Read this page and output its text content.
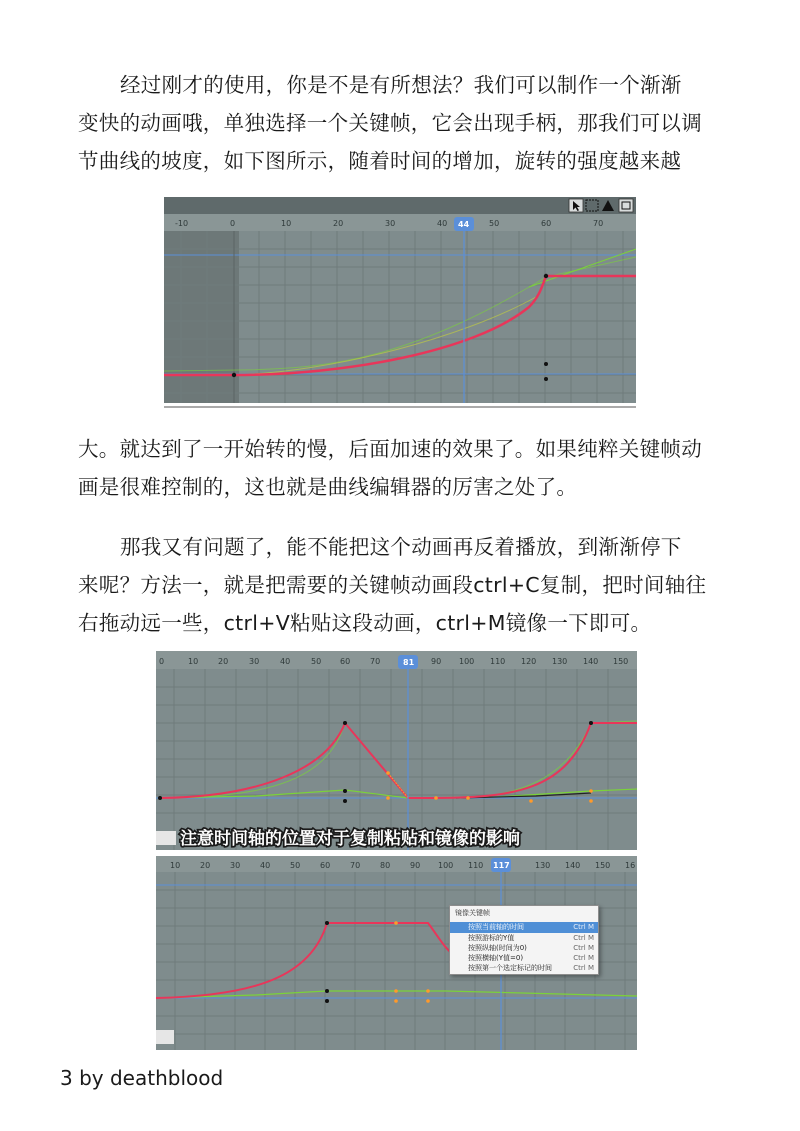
经过刚才的使用，你是不是有所想法？我们可以制作一个渐渐
变快的动画哦，单独选择一个关键帧，它会出现手柄，那我们可以调
节曲线的坡度，如下图所示，随着时间的增加，旋转的强度越来越
-10	0	10	20	30	40	50	60	70
44
大。就达到了一开始转的慢，后面加速的效果了。如果纯粹关键帧动
画是很难控制的，这也就是曲线编辑器的厉害之处了。
那我又有问题了，能不能把这个动画再反着播放，到渐渐停下
来呢？方法一，就是把需要的关键帧动画段ctrl+C复制，把时间轴往
右拖动远一些，ctrl+V粘贴这段动画，ctrl+M镜像一下即可。
0	10 20	30	40	50 60 70	90 100 110 120 130 140 150
81
注意时间轴的位置对于复制粘贴和镜像的影响
10 20 30 40 50 60 70 80 90 100 110	130 140 150 16
117
镜像关键帧
按照当前轴的时间	Ctrl M
按照游标的Y值	Ctrl M
按照纵轴(时间为0)	Ctrl M
按照横轴(Y值=0)	Ctrl M
按照第一个选定标记的时间	Ctrl M
3 by deathblood
